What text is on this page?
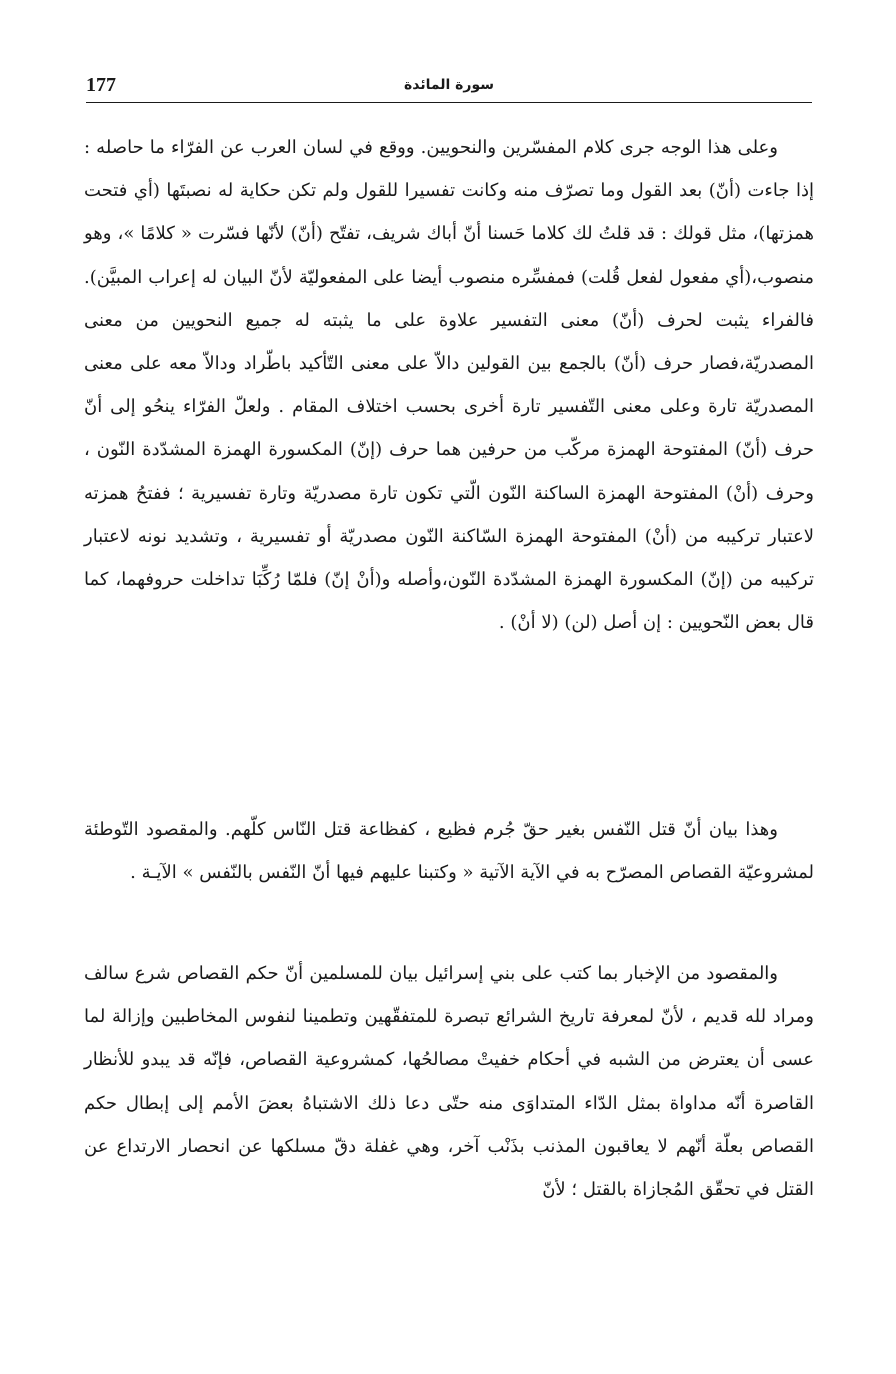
177	سورة المائدة

وعلى هذا الوجه جرى كلام المفسّرين والنحويين. ووقع في لسان العرب عن الفرّاء ما حاصله : إذا جاءت (أنّ) بعد القول وما تصرّف منه وكانت تفسيرا للقول ولم تكن حكاية له نصبتَها (أي فتحت همزتها)، مثل قولك : قد قلتُ لك كلاما حَسنا أنّ أباك شريف، تفتّح (أنّ) لأنّها فسّرت « كلامًا »، وهو منصوب،(أي مفعول لفعل قُلت) فمفسِّره منصوب أيضا على المفعوليّة لأنّ البيان له إعراب المبيَّن). فالفراء يثبت لحرف (أنّ) معنى التفسير علاوة على ما يثبته له جميع النحويين من معنى المصدريّة،فصار حرف (أنّ) بالجمع بين القولين دالاّ على معنى التّأكيد باطّراد ودالاّ معه على معنى المصدريّة تارة وعلى معنى التّفسير تارة أخرى بحسب اختلاف المقام . ولعلّ الفرّاء ينحُو إلى أنّ حرف (أنّ) المفتوحة الهمزة مركّب من حرفين هما حرف (إنّ) المكسورة الهمزة المشدّدة النّون ، وحرف (أنْ) المفتوحة الهمزة الساكنة النّون الّتي تكون تارة مصدريّة وتارة تفسيرية ؛ ففتحُ همزته لاعتبار تركيبه من (أنْ) المفتوحة الهمزة السّاكنة النّون مصدريّة أو تفسيرية ، وتشديد نونه لاعتبار تركيبه من (إنّ) المكسورة الهمزة المشدّدة النّون،وأصله و(أنْ إنّ) فلمّا رُكِّبَا تداخلت حروفهما، كما قال بعض النّحويين : إن أصل (لن) (لا أنْ) .

وهذا بيان أنّ قتل النّفس بغير حقّ جُرم فظيع ، كفظاعة قتل النّاس كلّهم. والمقصود التّوطئة لمشروعيّة القصاص المصرّح به في الآية الآتية « وكتبنا عليهم فيها أنّ النّفس بالنّفس » الآيـة .

والمقصود من الإخبار بما كتب على بني إسرائيل بيان للمسلمين أنّ حكم القصاص شرع سالف ومراد لله قديم ، لأنّ لمعرفة تاريخ الشرائع تبصرة للمتفقّهين وتطمينا لنفوس المخاطبين وإزالة لما عسى أن يعترض من الشبه في أحكام خفيتْ مصالحُها، كمشروعية القصاص، فإنّه قد يبدو للأنظار القاصرة أنّه مداواة بمثل الدّاء المتداوَى منه حتّى دعا ذلك الاشتباهُ بعضَ الأمم إلى إبطال حكم القصاص بعلّة أنّهم لا يعاقبون المذنب بذَنْب آخر، وهي غفلة دقّ مسلكها عن انحصار الارتداع عن القتل في تحقّق المُجازاة بالقتل ؛ لأنّ
